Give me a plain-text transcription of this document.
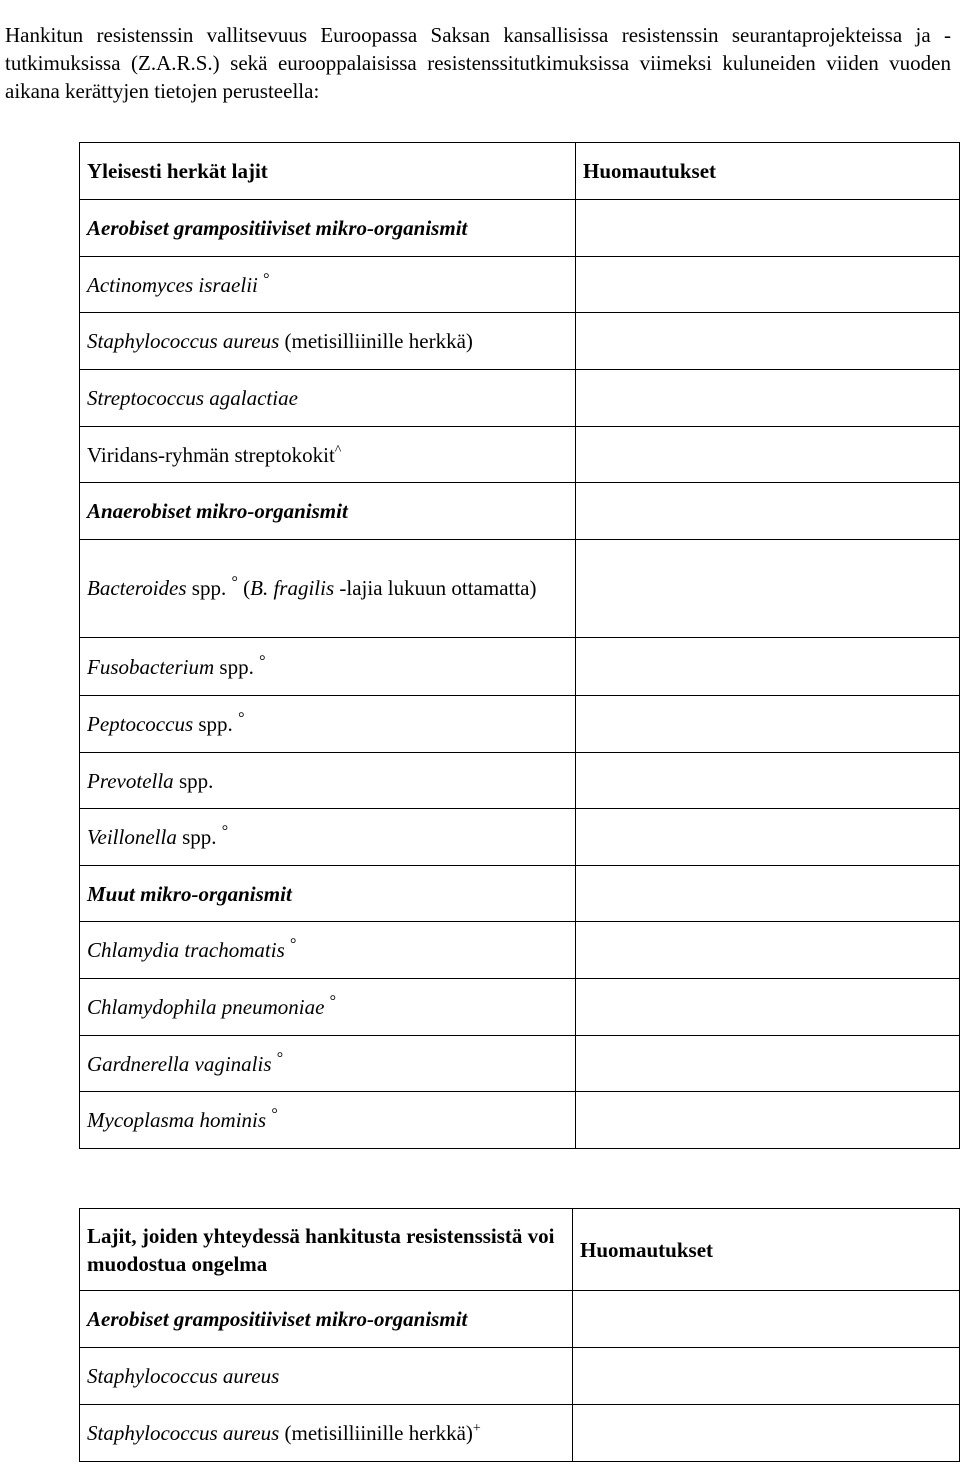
Hankitun resistenssin vallitsevuus Euroopassa Saksan kansallisissa resistenssin seurantaprojekteissa ja -tutkimuksissa (Z.A.R.S.) sekä eurooppalaisissa resistenssitutkimuksissa viimeksi kuluneiden viiden vuoden aikana kerättyjen tietojen perusteella:

Yleisesti herkät lajit	Huomautukset
Aerobiset grampositiiviset mikro-organismit	
Actinomyces israelii °	
Staphylococcus aureus (metisilliinille herkkä)	
Streptococcus agalactiae	
Viridans-ryhmän streptokokit^	
Anaerobiset mikro-organismit	
Bacteroides spp. ° (B. fragilis -lajia lukuun ottamatta)	
Fusobacterium spp. °	
Peptococcus spp. °	
Prevotella spp.	
Veillonella spp. °	
Muut mikro-organismit	
Chlamydia trachomatis °	
Chlamydophila pneumoniae °	
Gardnerella vaginalis °	
Mycoplasma hominis °	
Lajit, joiden yhteydessä hankitusta resistenssistä voi muodostua ongelma	Huomautukset
Aerobiset grampositiiviset mikro-organismit	
Staphylococcus aureus	
Staphylococcus aureus (metisilliinille herkkä)+	
